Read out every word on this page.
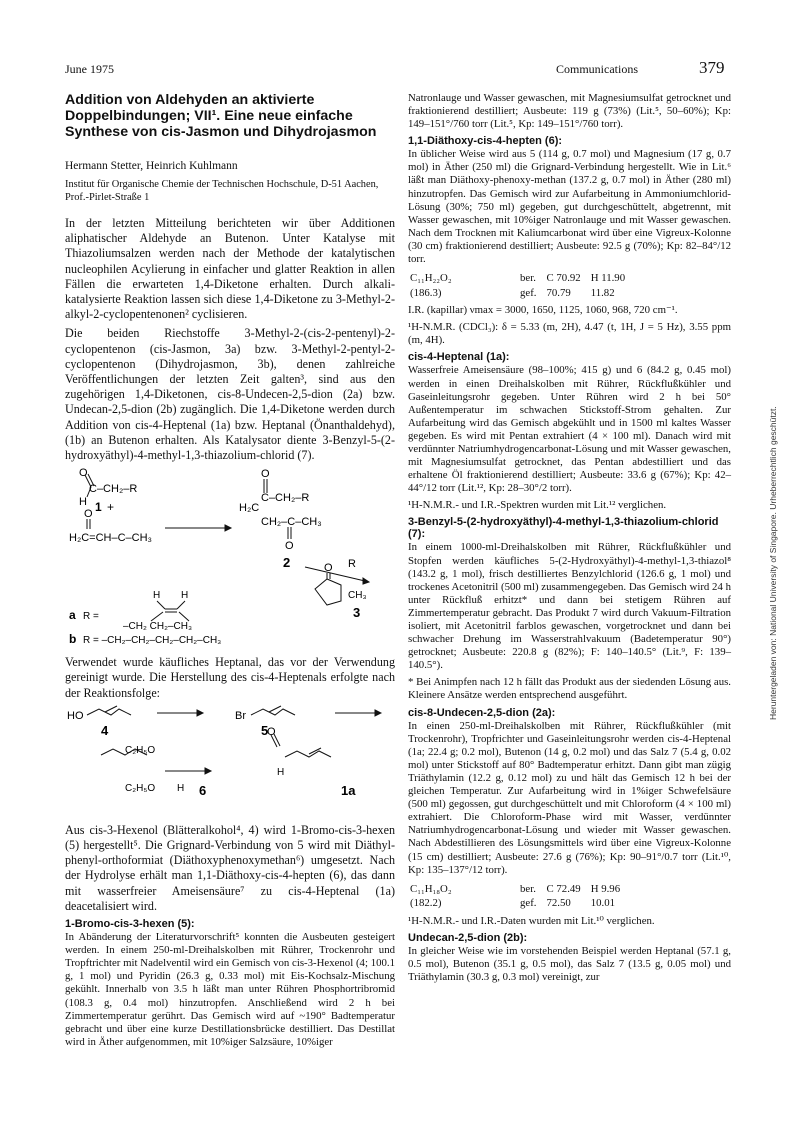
June 1975	Communications	379
Addition von Aldehyden an aktivierte Doppelbindungen; VII¹. Eine neue einfache Synthese von cis-Jasmon und Dihydrojasmon
Hermann Stetter, Heinrich Kuhlmann
Institut für Organische Chemie der Technischen Hochschule, D-51 Aachen, Prof.-Pirlet-Straße 1

In der letzten Mitteilung berichteten wir über Additionen aliphatischer Aldehyde an Butenon. Unter Katalyse mit Thiazoliumsalzen werden nach der Methode der katalytischen nucleophilen Acylierung in einfacher und glatter Reaktion in allen Fällen die erwarteten 1,4-Diketone erhalten. Durch alkali-katalysierte Reaktion lassen sich diese 1,4-Diketone zu 3-Methyl-2-alkyl-2-cyclopentenonen² cyclisieren.

Die beiden Riechstoffe 3-Methyl-2-(cis-2-pentenyl)-2-cyclopentenon (cis-Jasmon, 3a) bzw. 3-Methyl-2-pentyl-2-cyclopentenon (Dihydrojasmon, 3b), denen zahlreiche Veröffentlichungen der letzten Zeit galten³, sind aus den zugehörigen 1,4-Diketonen, cis-8-Undecen-2,5-dion (2a) bzw. Undecan-2,5-dion (2b) zugänglich. Die 1,4-Diketone werden durch Addition von cis-4-Heptenal (1a) bzw. Heptanal (Önanthaldehyd), (1b) an Butenon erhalten. Als Katalysator diente 3-Benzyl-5-(2-hydroxyäthyl)-4-methyl-1,3-thiazolium-chlorid (7).

O
C–CH₂–R
H 1 +
O
H₂C=CH–C–CH₃
O
H₂C
C–CH₂–R
CH₂–C–CH₃
O
2	R
O
CH₃
3
a R =
H H
–CH₂ CH₂–CH₃
b R = –CH₂–CH₂–CH₂–CH₂–CH₃

Verwendet wurde käufliches Heptanal, das vor der Verwendung gereinigt wurde. Die Herstellung des cis-4-Heptenals erfolgte nach der Reaktionsfolge:

HO
4
Br
5
C₂H₅O
C₂H₅O H 6
O
H
1a

Aus cis-3-Hexenol (Blätteralkohol⁴, 4) wird 1-Bromo-cis-3-hexen (5) hergestellt⁵. Die Grignard-Verbindung von 5 wird mit Diäthyl-phenyl-orthoformiat (Diäthoxyphenoxymethan⁶) umgesetzt. Nach der Hydrolyse erhält man 1,1-Diäthoxy-cis-4-hepten (6), das dann mit wasserfreier Ameisensäure⁷ zu cis-4-Heptenal (1a) deacetalisiert wird.

1-Bromo-cis-3-hexen (5):

In Abänderung der Literaturvorschrift⁵ konnten die Ausbeuten gesteigert werden. In einem 250-ml-Dreihalskolben mit Rührer, Trockenrohr und Tropftrichter mit Nadelventil wird ein Gemisch von cis-3-Hexenol (4; 100.1 g, 1 mol) und Pyridin (26.3 g, 0.33 mol) mit Eis-Kochsalz-Mischung gekühlt. Innerhalb von 3.5 h läßt man unter Rühren Phosphortribromid (108.3 g, 0.4 mol) hinzutropfen. Anschließend wird 2 h bei Zimmertemperatur gerührt. Das Gemisch wird auf ~190° Badtemperatur gebracht und über eine kurze Destillationsbrücke destilliert. Das Destillat wird in Äther aufgenommen, mit 10%iger Salzsäure, 10%iger

Natronlauge und Wasser gewaschen, mit Magnesiumsulfat getrocknet und fraktionierend destilliert; Ausbeute: 119 g (73%) (Lit.⁵, 50–60%); Kp: 149–151°/760 torr (Lit.⁵, Kp: 149–151°/760 torr).

1,1-Diäthoxy-cis-4-hepten (6):

In üblicher Weise wird aus 5 (114 g, 0.7 mol) und Magnesium (17 g, 0.7 mol) in Äther (250 ml) die Grignard-Verbindung hergestellt. Wie in Lit.⁶ läßt man Diäthoxy-phenoxy-methan (137.2 g, 0.7 mol) in Äther (280 ml) hinzutropfen. Das Gemisch wird zur Aufarbeitung in Ammoniumchlorid-Lösung (30%; 750 ml) gegeben, gut durchgeschüttelt, abgetrennt, mit Wasser gewaschen, mit 10%iger Natronlauge und mit Wasser gewaschen. Nach dem Trocknen mit Kaliumcarbonat wird über eine Vigreux-Kolonne (30 cm) fraktionierend destilliert; Ausbeute: 92.5 g (70%); Kp: 82–84°/12 torr.

C₁₁H₂₂O₂	ber.	C 70.92	H 11.90
(186.3)	gef.	70.79	11.82

I.R. (kapillar) νmax = 3000, 1650, 1125, 1060, 968, 720 cm⁻¹.

¹H-N.M.R. (CDCl₃): δ = 5.33 (m, 2H), 4.47 (t, 1H, J = 5 Hz), 3.55 ppm (m, 4H).

cis-4-Heptenal (1a):

Wasserfreie Ameisensäure (98–100%; 415 g) und 6 (84.2 g, 0.45 mol) werden in einen Dreihalskolben mit Rührer, Rückflußkühler und Gaseinleitungsrohr gegeben. Unter Rühren wird 2 h bei 50° Außentemperatur im schwachen Stickstoff-Strom gehalten. Zur Aufarbeitung wird das Gemisch abgekühlt und in 1500 ml kaltes Wasser gegeben. Es wird mit Pentan extrahiert (4 × 100 ml). Danach wird mit verdünnter Natriumhydrogencarbonat-Lösung und mit Wasser gewaschen, mit Magnesiumsulfat getrocknet, das Pentan abdestilliert und das erhaltene Öl fraktionierend destilliert; Ausbeute: 33.6 g (67%); Kp: 42–44°/12 torr (Lit.¹², Kp: 28–30°/2 torr).

¹H-N.M.R.- und I.R.-Spektren wurden mit Lit.¹² verglichen.

3-Benzyl-5-(2-hydroxyäthyl)-4-methyl-1,3-thiazolium-chlorid (7):

In einem 1000-ml-Dreihalskolben mit Rührer, Rückflußkühler und Stopfen werden käufliches 5-(2-Hydroxyäthyl)-4-methyl-1,3-thiazol⁸ (143.2 g, 1 mol), frisch destilliertes Benzylchlorid (126.6 g, 1 mol) und trockenes Acetonitril (500 ml) zusammengegeben. Das Gemisch wird 24 h unter Rückfluß erhitzt* und dann bei stetigem Rühren auf Zimmertemperatur gebracht. Das Produkt 7 wird durch Vakuum-Filtration isoliert, mit Acetonitril farblos gewaschen, vorgetrocknet und dann bei schwacher Drehung im Wasserstrahlvakuum (Badetemperatur 90°) getrocknet; Ausbeute: 220.8 g (82%); F: 140–140.5° (Lit.⁹, F: 139–140.5°).

* Bei Animpfen nach 12 h fällt das Produkt aus der siedenden Lösung aus. Kleinere Ansätze werden entsprechend ausgeführt.

cis-8-Undecen-2,5-dion (2a):

In einen 250-ml-Dreihalskolben mit Rührer, Rückflußkühler (mit Trockenrohr), Tropfrichter und Gaseinleitungsrohr werden cis-4-Heptenal (1a; 22.4 g; 0.2 mol), Butenon (14 g, 0.2 mol) und das Salz 7 (5.4 g, 0.02 mol) unter Stickstoff auf 80° Badtemperatur erhitzt. Dann gibt man zügig Triäthylamin (12.2 g, 0.12 mol) zu und hält das Gemisch 12 h bei der gleichen Temperatur. Zur Aufarbeitung wird in 1%iger Schwefelsäure (500 ml) gegossen, gut durchgeschüttelt und mit Chloroform (4 × 100 ml) extrahiert. Die Chloroform-Phase wird mit Wasser, verdünnter Natriumhydrogencarbonat-Lösung und wieder mit Wasser gewaschen. Nach Abdestillieren des Lösungsmittels wird über eine Vigreux-Kolonne (15 cm) destilliert; Ausbeute: 27.6 g (76%); Kp: 90–91°/0.7 torr (Lit.¹⁰, Kp: 135–137°/12 torr).

C₁₁H₁₈O₂	ber.	C 72.49	H 9.96
(182.2)	gef.	72.50	10.01

¹H-N.M.R.- und I.R.-Daten wurden mit Lit.¹⁰ verglichen.

Undecan-2,5-dion (2b):

In gleicher Weise wie im vorstehenden Beispiel werden Heptanal (57.1 g, 0.5 mol), Butenon (35.1 g, 0.5 mol), das Salz 7 (13.5 g, 0.05 mol) und Triäthylamin (30.3 g, 0.3 mol) vereinigt, zur

Heruntergeladen von: National University of Singapore. Urheberrechtlich geschützt.
